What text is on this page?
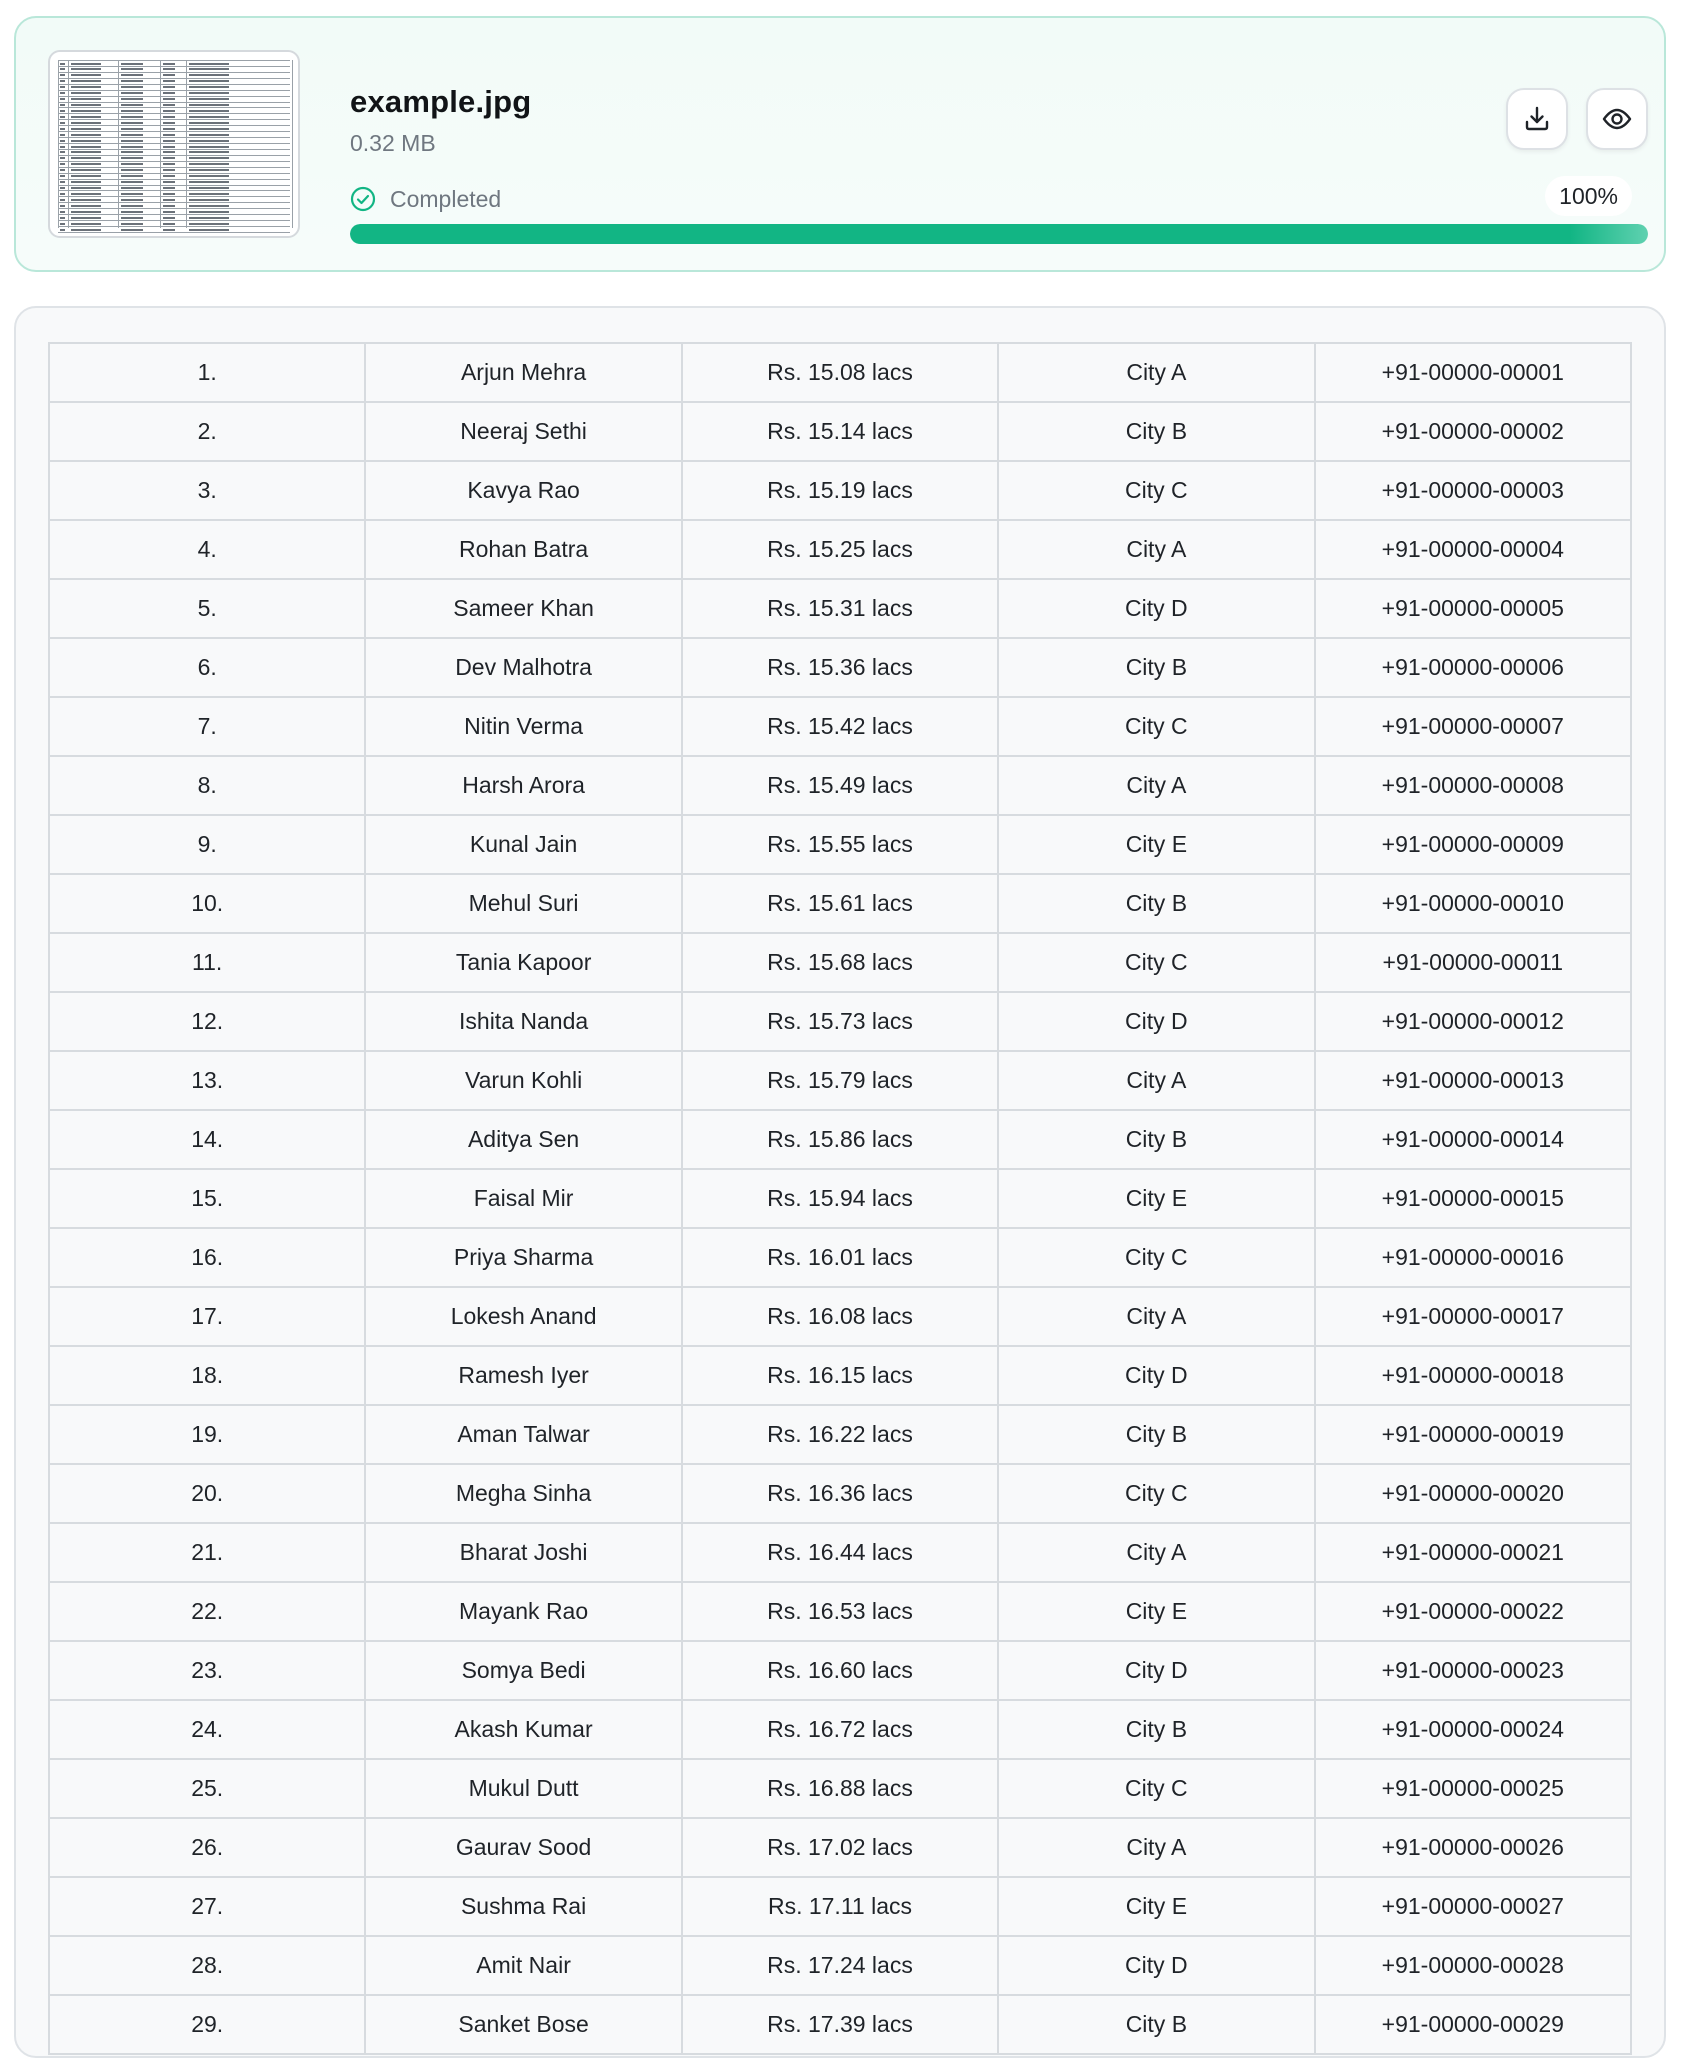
example.jpg
0.32 MB
Completed	100%
1.	Arjun Mehra	Rs. 15.08 lacs	City A	+91-00000-00001
2.	Neeraj Sethi	Rs. 15.14 lacs	City B	+91-00000-00002
3.	Kavya Rao	Rs. 15.19 lacs	City C	+91-00000-00003
4.	Rohan Batra	Rs. 15.25 lacs	City A	+91-00000-00004
5.	Sameer Khan	Rs. 15.31 lacs	City D	+91-00000-00005
6.	Dev Malhotra	Rs. 15.36 lacs	City B	+91-00000-00006
7.	Nitin Verma	Rs. 15.42 lacs	City C	+91-00000-00007
8.	Harsh Arora	Rs. 15.49 lacs	City A	+91-00000-00008
9.	Kunal Jain	Rs. 15.55 lacs	City E	+91-00000-00009
10.	Mehul Suri	Rs. 15.61 lacs	City B	+91-00000-00010
11.	Tania Kapoor	Rs. 15.68 lacs	City C	+91-00000-00011
12.	Ishita Nanda	Rs. 15.73 lacs	City D	+91-00000-00012
13.	Varun Kohli	Rs. 15.79 lacs	City A	+91-00000-00013
14.	Aditya Sen	Rs. 15.86 lacs	City B	+91-00000-00014
15.	Faisal Mir	Rs. 15.94 lacs	City E	+91-00000-00015
16.	Priya Sharma	Rs. 16.01 lacs	City C	+91-00000-00016
17.	Lokesh Anand	Rs. 16.08 lacs	City A	+91-00000-00017
18.	Ramesh Iyer	Rs. 16.15 lacs	City D	+91-00000-00018
19.	Aman Talwar	Rs. 16.22 lacs	City B	+91-00000-00019
20.	Megha Sinha	Rs. 16.36 lacs	City C	+91-00000-00020
21.	Bharat Joshi	Rs. 16.44 lacs	City A	+91-00000-00021
22.	Mayank Rao	Rs. 16.53 lacs	City E	+91-00000-00022
23.	Somya Bedi	Rs. 16.60 lacs	City D	+91-00000-00023
24.	Akash Kumar	Rs. 16.72 lacs	City B	+91-00000-00024
25.	Mukul Dutt	Rs. 16.88 lacs	City C	+91-00000-00025
26.	Gaurav Sood	Rs. 17.02 lacs	City A	+91-00000-00026
27.	Sushma Rai	Rs. 17.11 lacs	City E	+91-00000-00027
28.	Amit Nair	Rs. 17.24 lacs	City D	+91-00000-00028
29.	Sanket Bose	Rs. 17.39 lacs	City B	+91-00000-00029
